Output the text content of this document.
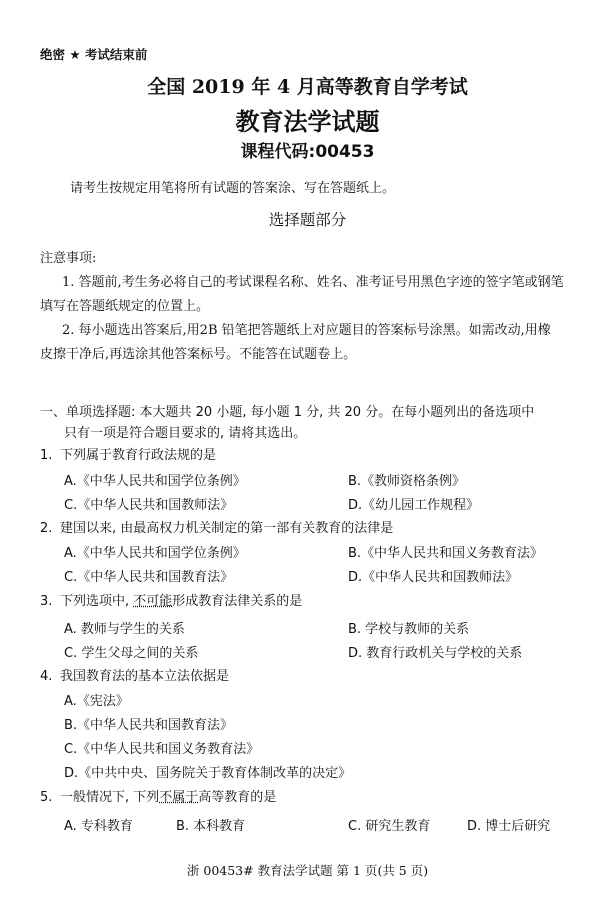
绝密 ★ 考试结束前
全国 2019 年 4 月高等教育自学考试
教育法学试题
课程代码:00453
请考生按规定用笔将所有试题的答案涂、写在答题纸上。
选择题部分
注意事项:
1. 答题前,考生务必将自己的考试课程名称、姓名、准考证号用黑色字迹的签字笔或钢笔
填写在答题纸规定的位置上。
2. 每小题选出答案后,用2B 铅笔把答题纸上对应题目的答案标号涂黑。如需改动,用橡
皮擦干净后,再选涂其他答案标号。不能答在试题卷上。
一、单项选择题: 本大题共 20 小题, 每小题 1 分, 共 20 分。在每小题列出的备选项中
只有一项是符合题目要求的, 请将其选出。
1. 下列属于教育行政法规的是
A.《中华人民共和国学位条例》	B.《教师资格条例》
C.《中华人民共和国教师法》	D.《幼儿园工作规程》
2. 建国以来, 由最高权力机关制定的第一部有关教育的法律是
A.《中华人民共和国学位条例》	B.《中华人民共和国义务教育法》
C.《中华人民共和国教育法》	D.《中华人民共和国教师法》
3. 下列选项中, 不可能形成教育法律关系的是
A. 教师与学生的关系	B. 学校与教师的关系
C. 学生父母之间的关系	D. 教育行政机关与学校的关系
4. 我国教育法的基本立法依据是
A.《宪法》
B.《中华人民共和国教育法》
C.《中华人民共和国义务教育法》
D.《中共中央、国务院关于教育体制改革的决定》
5. 一般情况下, 下列不属于高等教育的是
A. 专科教育	B. 本科教育	C. 研究生教育	D. 博士后研究
浙 00453# 教育法学试题 第 1 页(共 5 页)
